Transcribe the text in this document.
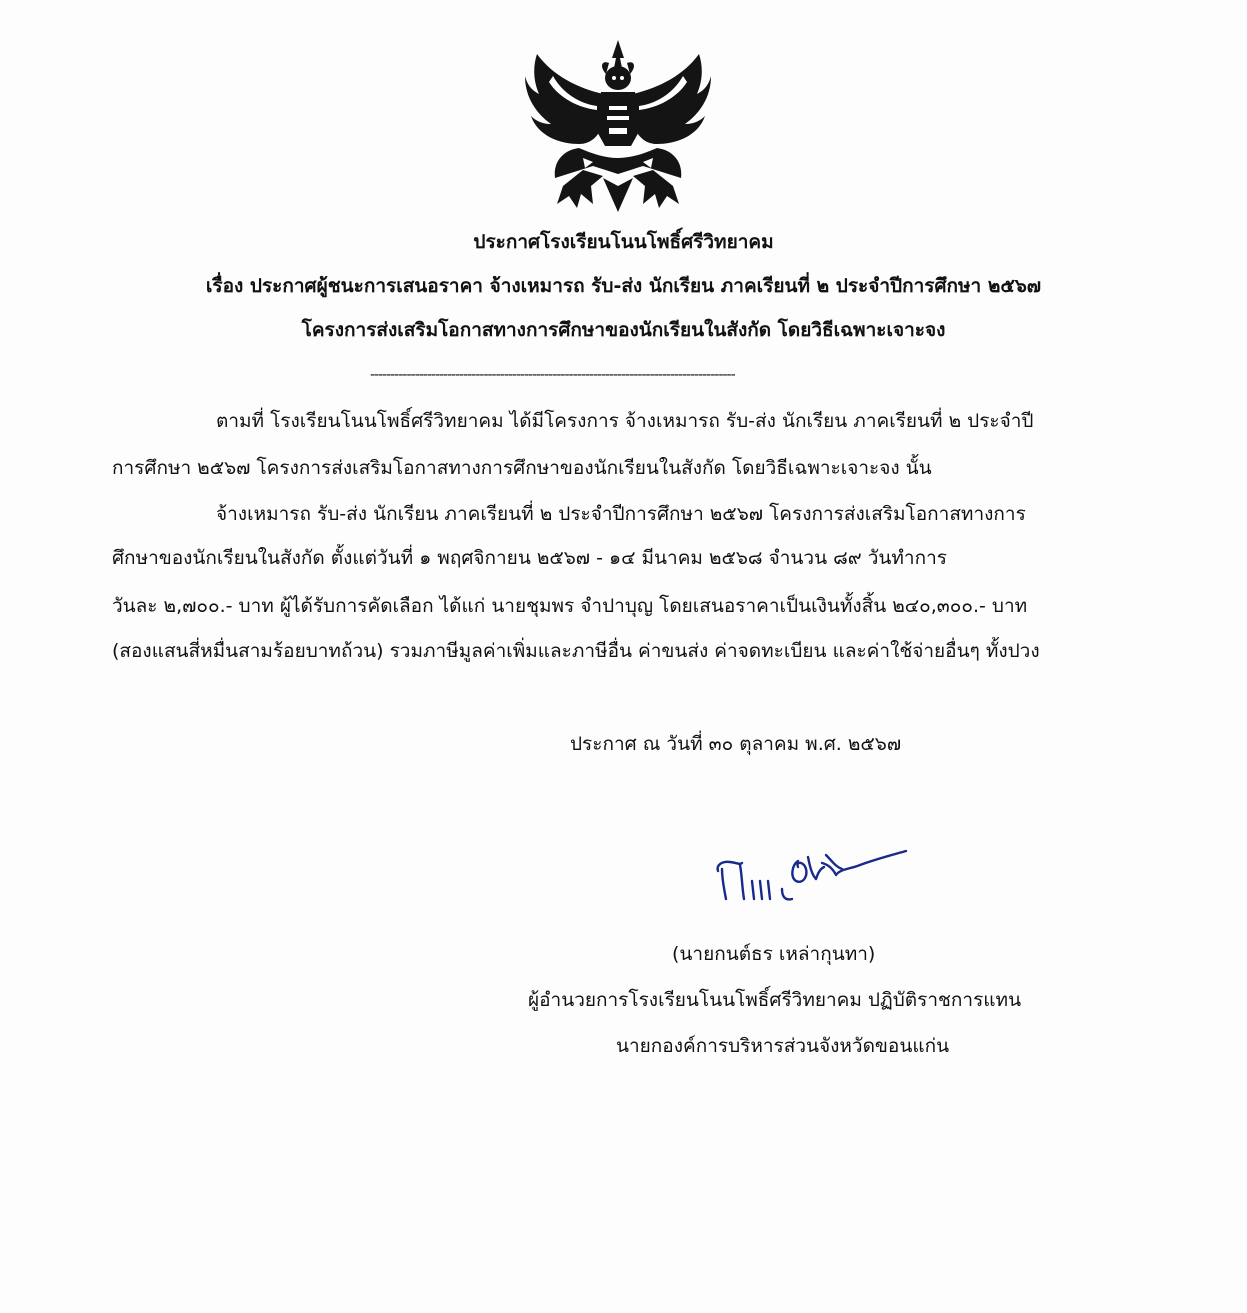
ประกาศโรงเรียนโนนโพธิ์ศรีวิทยาคม
เรื่อง ประกาศผู้ชนะการเสนอราคา จ้างเหมารถ รับ-ส่ง นักเรียน ภาคเรียนที่ ๒ ประจำปีการศึกษา ๒๕๖๗
โครงการส่งเสริมโอกาสทางการศึกษาของนักเรียนในสังกัด โดยวิธีเฉพาะเจาะจง
------------------------------------------------------------------------------------------
ตามที่ โรงเรียนโนนโพธิ์ศรีวิทยาคม ได้มีโครงการ จ้างเหมารถ รับ-ส่ง นักเรียน ภาคเรียนที่ ๒ ประจำปี
การศึกษา ๒๕๖๗ โครงการส่งเสริมโอกาสทางการศึกษาของนักเรียนในสังกัด โดยวิธีเฉพาะเจาะจง นั้น
จ้างเหมารถ รับ-ส่ง นักเรียน ภาคเรียนที่ ๒ ประจำปีการศึกษา ๒๕๖๗ โครงการส่งเสริมโอกาสทางการ
ศึกษาของนักเรียนในสังกัด ตั้งแต่วันที่ ๑ พฤศจิกายน ๒๕๖๗ - ๑๔ มีนาคม ๒๕๖๘ จำนวน ๘๙ วันทำการ
วันละ ๒,๗๐๐.- บาท ผู้ได้รับการคัดเลือก ได้แก่ นายชุมพร จำปาบุญ โดยเสนอราคาเป็นเงินทั้งสิ้น ๒๔๐,๓๐๐.- บาท
(สองแสนสี่หมื่นสามร้อยบาทถ้วน) รวมภาษีมูลค่าเพิ่มและภาษีอื่น ค่าขนส่ง ค่าจดทะเบียน และค่าใช้จ่ายอื่นๆ ทั้งปวง
ประกาศ ณ วันที่ ๓๐ ตุลาคม พ.ศ. ๒๕๖๗
(นายกนต์ธร เหล่ากุนทา)
ผู้อำนวยการโรงเรียนโนนโพธิ์ศรีวิทยาคม ปฏิบัติราชการแทน
นายกองค์การบริหารส่วนจังหวัดขอนแก่น
